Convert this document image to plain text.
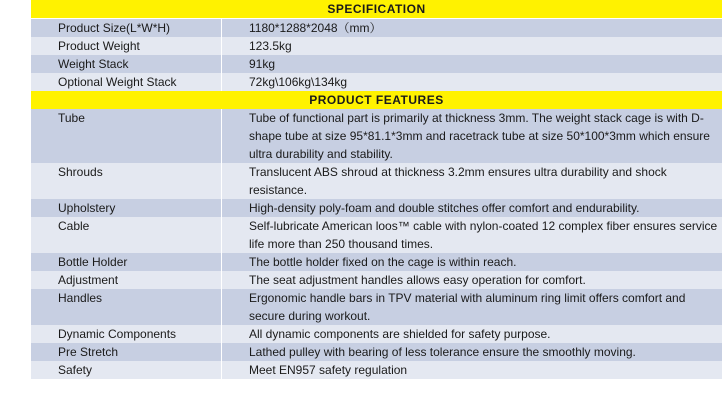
SPECIFICATION
Product Size(L*W*H)	1180*1288*2048（mm）
Product Weight	123.5kg
Weight Stack	91kg
Optional Weight Stack	72kg\106kg\134kg
PRODUCT FEATURES
Tube	Tube of functional part is primarily at thickness 3mm. The weight stack cage is with D-shape tube at size 95*81.1*3mm and racetrack tube at size 50*100*3mm which ensure ultra durability and stability.
Shrouds	Translucent ABS shroud at thickness 3.2mm ensures ultra durability and shock resistance.
Upholstery	High-density poly-foam and double stitches offer comfort and endurability.
Cable	Self-lubricate American loos™ cable with nylon-coated 12 complex fiber ensures service life more than 250 thousand times.
Bottle Holder	The bottle holder fixed on the cage is within reach.
Adjustment	The seat adjustment handles allows easy operation for comfort.
Handles	Ergonomic handle bars in TPV material with aluminum ring limit offers comfort and secure during workout.
Dynamic Components	All dynamic components are shielded for safety purpose.
Pre Stretch	Lathed pulley with bearing of less tolerance ensure the smoothly moving.
Safety	Meet EN957 safety regulation
